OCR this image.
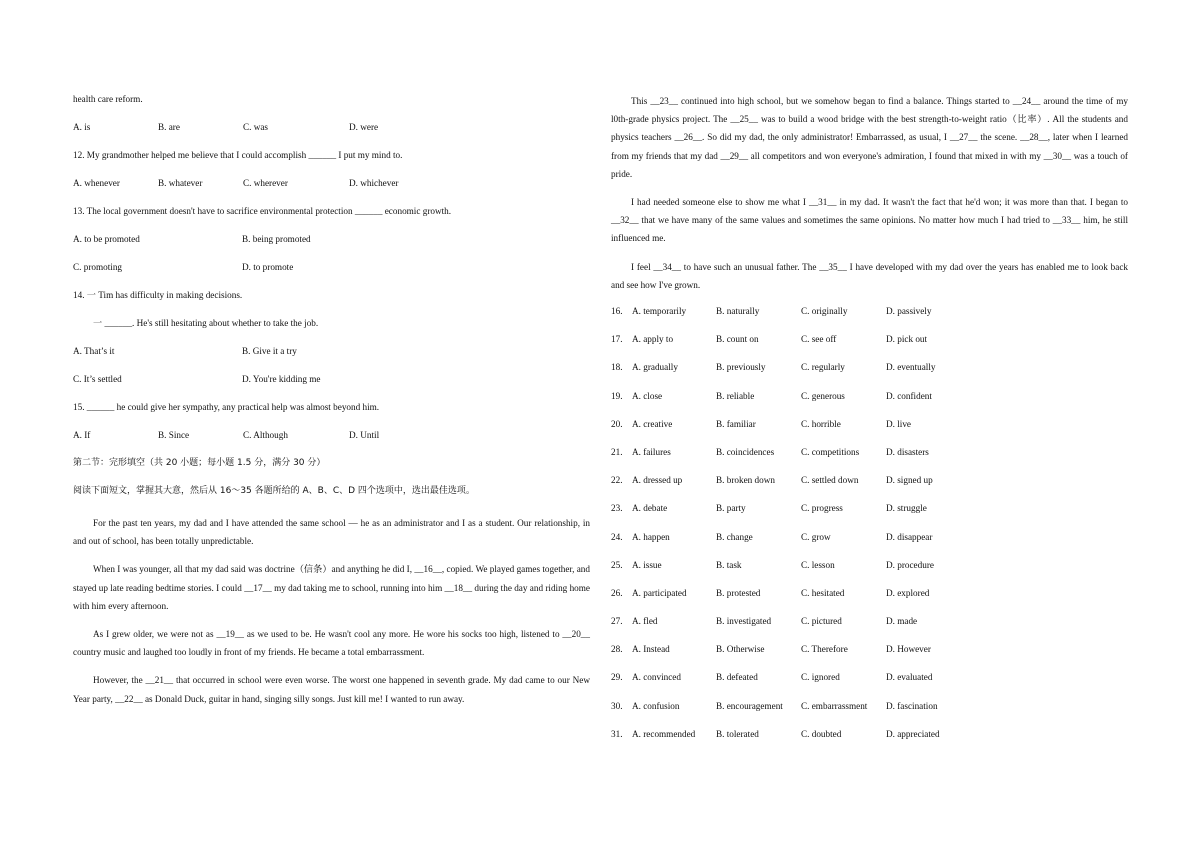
health care reform.
A. is	B. are	C. was	D. were
12. My grandmother helped me believe that I could accomplish ______ I put my mind to.
A. whenever	B. whatever	C. wherever	D. whichever
13. The local government doesn't have to sacrifice environmental protection ______ economic growth.
A. to be promoted	B. being promoted
C. promoting	D. to promote
14. 一 Tim has difficulty in making decisions.
一 ______. He's still hesitating about whether to take the job.
A. That’s it	B. Give it a try
C. It’s settled	D. You're kidding me
15. ______ he could give her sympathy, any practical help was almost beyond him.
A. If	B. Since	C. Although	D. Until
第二节：完形填空（共 20 小题；每小题 1.5 分，满分 30 分）
阅读下面短文，掌握其大意，然后从 16～35 各题所给的 A、B、C、D 四个选项中，选出最佳选项。

For the past ten years, my dad and I have attended the same school — he as an administrator and I as a student. Our relationship, in and out of school, has been totally unpredictable.

When I was younger, all that my dad said was doctrine（信条）and anything he did I, __16__, copied. We played games together, and stayed up late reading bedtime stories. I could __17__ my dad taking me to school, running into him __18__ during the day and riding home with him every afternoon.

As I grew older, we were not as __19__ as we used to be. He wasn't cool any more. He wore his socks too high, listened to __20__ country music and laughed too loudly in front of my friends. He became a total embarrassment.

However, the __21__ that occurred in school were even worse. The worst one happened in seventh grade. My dad came to our New Year party, __22__ as Donald Duck, guitar in hand, singing silly songs. Just kill me! I wanted to run away.

This __23__ continued into high school, but we somehow began to find a balance. Things started to __24__ around the time of my l0th-grade physics project. The __25__ was to build a wood bridge with the best strength-to-weight ratio（比率）. All the students and physics teachers __26__. So did my dad, the only administrator! Embarrassed, as usual, I __27__ the scene. __28__, later when I learned from my friends that my dad __29__ all competitors and won everyone's admiration, I found that mixed in with my __30__ was a touch of pride.

I had needed someone else to show me what I __31__ in my dad. It wasn't the fact that he'd won; it was more than that. I began to __32__ that we have many of the same values and sometimes the same opinions. No matter how much I had tried to __33__ him, he still influenced me.

I feel __34__ to have such an unusual father. The __35__ I have developed with my dad over the years has enabled me to look back and see how I've grown.

16.	A. temporarily	B. naturally	C. originally	D. passively
17.	A. apply to	B. count on	C. see off	D. pick out
18.	A. gradually	B. previously	C. regularly	D. eventually
19.	A. close	B. reliable	C. generous	D. confident
20.	A. creative	B. familiar	C. horrible	D. live
21.	A. failures	B. coincidences	C. competitions	D. disasters
22.	A. dressed up	B. broken down	C. settled down	D. signed up
23.	A. debate	B. party	C. progress	D. struggle
24.	A. happen	B. change	C. grow	D. disappear
25.	A. issue	B. task	C. lesson	D. procedure
26.	A. participated	B. protested	C. hesitated	D. explored
27.	A. fled	B. investigated	C. pictured	D. made
28.	A. Instead	B. Otherwise	C. Therefore	D. However
29.	A. convinced	B. defeated	C. ignored	D. evaluated
30.	A. confusion	B. encouragement	C. embarrassment	D. fascination
31.	A. recommended	B. tolerated	C. doubted	D. appreciated
